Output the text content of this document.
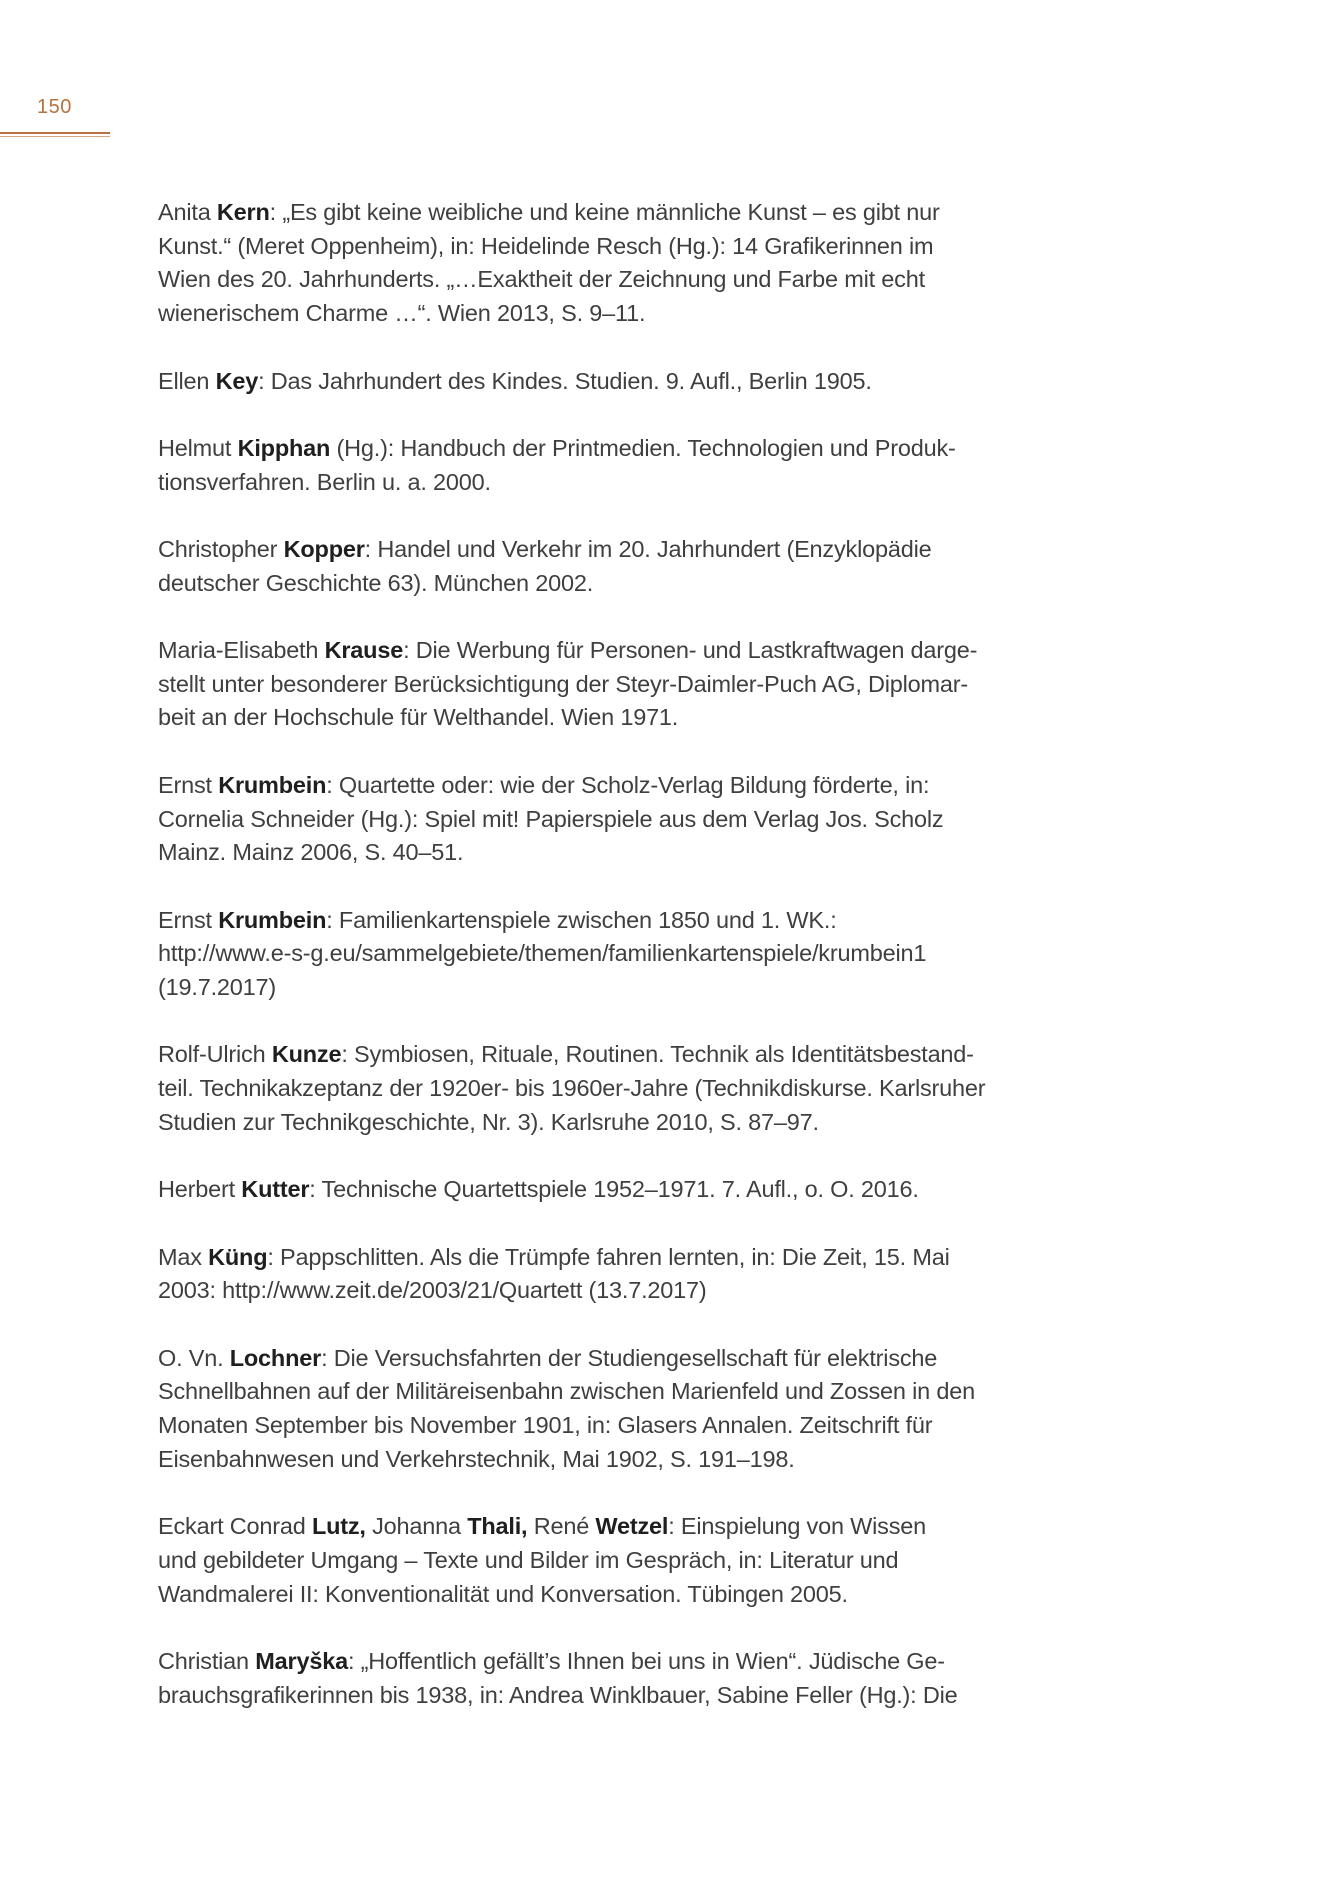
150
Anita Kern: „Es gibt keine weibliche und keine männliche Kunst – es gibt nur
Kunst.“ (Meret Oppenheim), in: Heidelinde Resch (Hg.): 14 Grafikerinnen im
Wien des 20. Jahrhunderts. „…Exaktheit der Zeichnung und Farbe mit echt
wienerischem Charme …“. Wien 2013, S. 9–11.
Ellen Key: Das Jahrhundert des Kindes. Studien. 9. Aufl., Berlin 1905.
Helmut Kipphan (Hg.): Handbuch der Printmedien. Technologien und Produk-
tionsverfahren. Berlin u. a. 2000.
Christopher Kopper: Handel und Verkehr im 20. Jahrhundert (Enzyklopädie
deutscher Geschichte 63). München 2002.
Maria-Elisabeth Krause: Die Werbung für Personen- und Lastkraftwagen darge-
stellt unter besonderer Berücksichtigung der Steyr-Daimler-Puch AG, Diplomar-
beit an der Hochschule für Welthandel. Wien 1971.
Ernst Krumbein: Quartette oder: wie der Scholz-Verlag Bildung förderte, in:
Cornelia Schneider (Hg.): Spiel mit! Papierspiele aus dem Verlag Jos. Scholz
Mainz. Mainz 2006, S. 40–51.
Ernst Krumbein: Familienkartenspiele zwischen 1850 und 1. WK.:
http://www.e-s-g.eu/sammelgebiete/themen/familienkartenspiele/krumbein1
(19.7.2017)
Rolf-Ulrich Kunze: Symbiosen, Rituale, Routinen. Technik als Identitätsbestand-
teil. Technikakzeptanz der 1920er- bis 1960er-Jahre (Technikdiskurse. Karlsruher
Studien zur Technikgeschichte, Nr. 3). Karlsruhe 2010, S. 87–97.
Herbert Kutter: Technische Quartettspiele 1952–1971. 7. Aufl., o. O. 2016.
Max Küng: Pappschlitten. Als die Trümpfe fahren lernten, in: Die Zeit, 15. Mai
2003: http://www.zeit.de/2003/21/Quartett (13.7.2017)
O. Vn. Lochner: Die Versuchsfahrten der Studiengesellschaft für elektrische
Schnellbahnen auf der Militäreisenbahn zwischen Marienfeld und Zossen in den
Monaten September bis November 1901, in: Glasers Annalen. Zeitschrift für
Eisenbahnwesen und Verkehrstechnik, Mai 1902, S. 191–198.
Eckart Conrad Lutz, Johanna Thali, René Wetzel: Einspielung von Wissen
und gebildeter Umgang – Texte und Bilder im Gespräch, in: Literatur und
Wandmalerei II: Konventionalität und Konversation. Tübingen 2005.
Christian Maryška: „Hoffentlich gefällt’s Ihnen bei uns in Wien“. Jüdische Ge-
brauchsgrafikerinnen bis 1938, in: Andrea Winklbauer, Sabine Feller (Hg.): Die
